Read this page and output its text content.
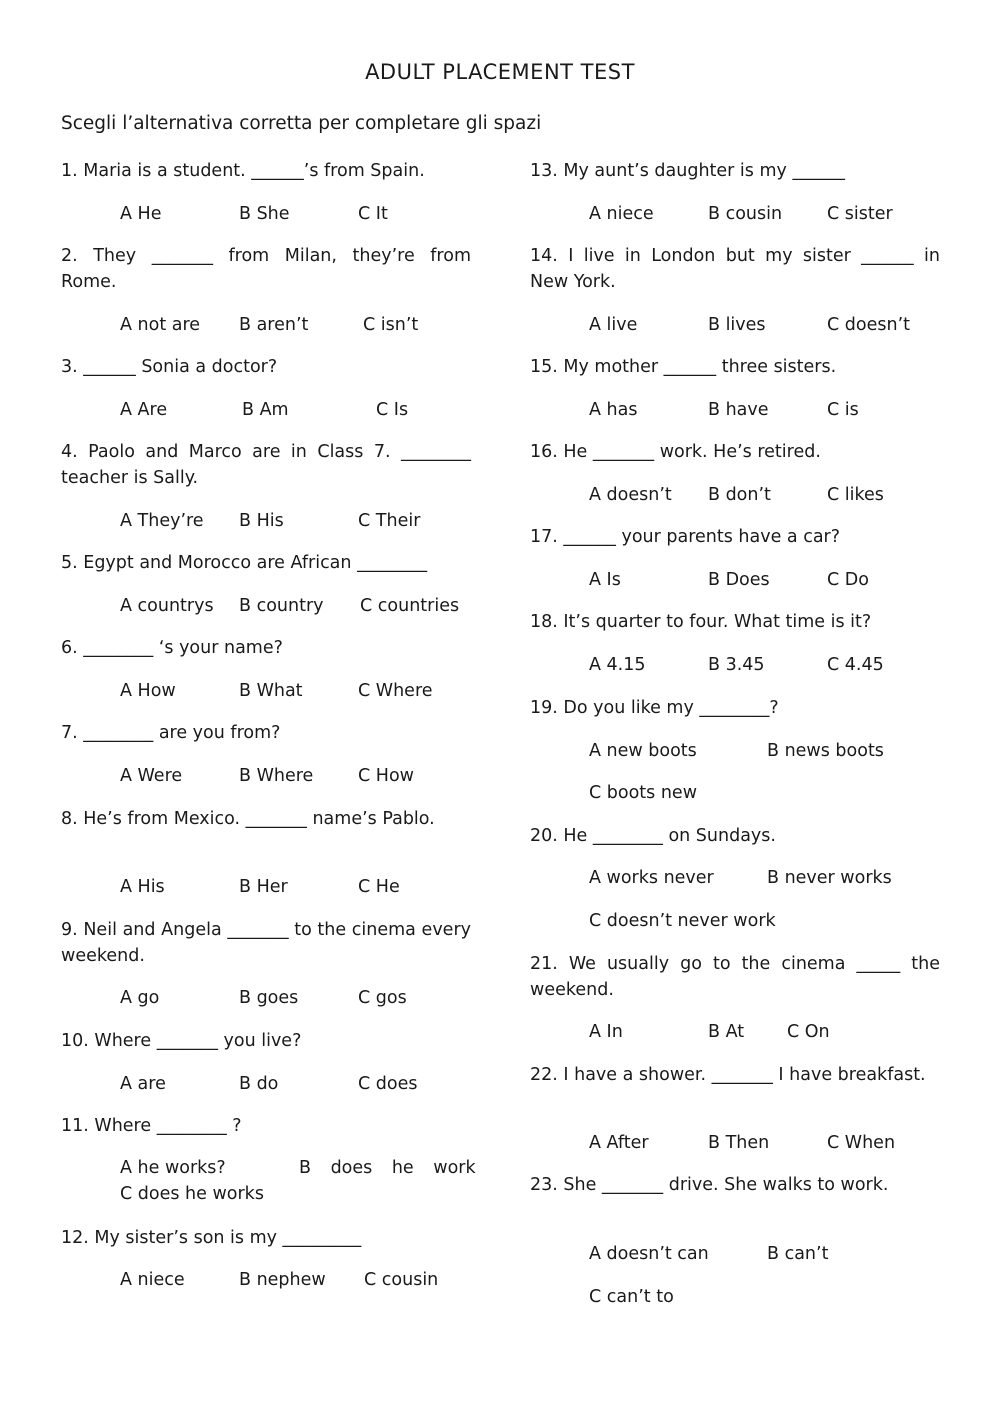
ADULT PLACEMENT TEST
Scegli l’alternativa corretta per completare gli spazi
1. Maria is a student. ______’s from Spain.
A He	B She	C It
2. They _______ from Milan, they’re from Rome.
A not are B aren’t	C isn’t
3. ______ Sonia a doctor?
A Are	B Am	C Is
4. Paolo and Marco are in Class 7. ________ teacher is Sally.
A They’re B His	C Their
5. Egypt and Morocco are African ________
A countrys B country C countries
6. ________ ‘s your name?
A How	B What	C Where
7. ________ are you from?
A Were	B Where	C How
8. He’s from Mexico. _______ name’s Pablo.
A His	B Her	C He
9. Neil and Angela _______ to the cinema every weekend.
A go	B goes	C gos
10. Where _______ you live?
A are	B do	C does
11. Where ________ ?
A he works?	B does he work
C does he works
12. My sister’s son is my _________
A niece	B nephew C cousin
13. My aunt’s daughter is my ______
A niece	B cousin	C sister
14. I live in London but my sister ______ in New York.
A live	B lives	C doesn’t
15. My mother ______ three sisters.
A has	B have	C is
16. He _______ work. He’s retired.
A doesn’t B don’t	C likes
17. ______ your parents have a car?
A Is	B Does	C Do
18. It’s quarter to four. What time is it?
A 4.15	B 3.45	C 4.45
19. Do you like my ________?
A new boots	B news boots
C boots new
20. He ________ on Sundays.
A works never	B never works
C doesn’t never work
21. We usually go to the cinema _____ the weekend.
A In	B At C On
22. I have a shower. _______ I have breakfast.
A After	B Then	C When
23. She _______ drive. She walks to work.
A doesn’t can	B can’t
C can’t to
